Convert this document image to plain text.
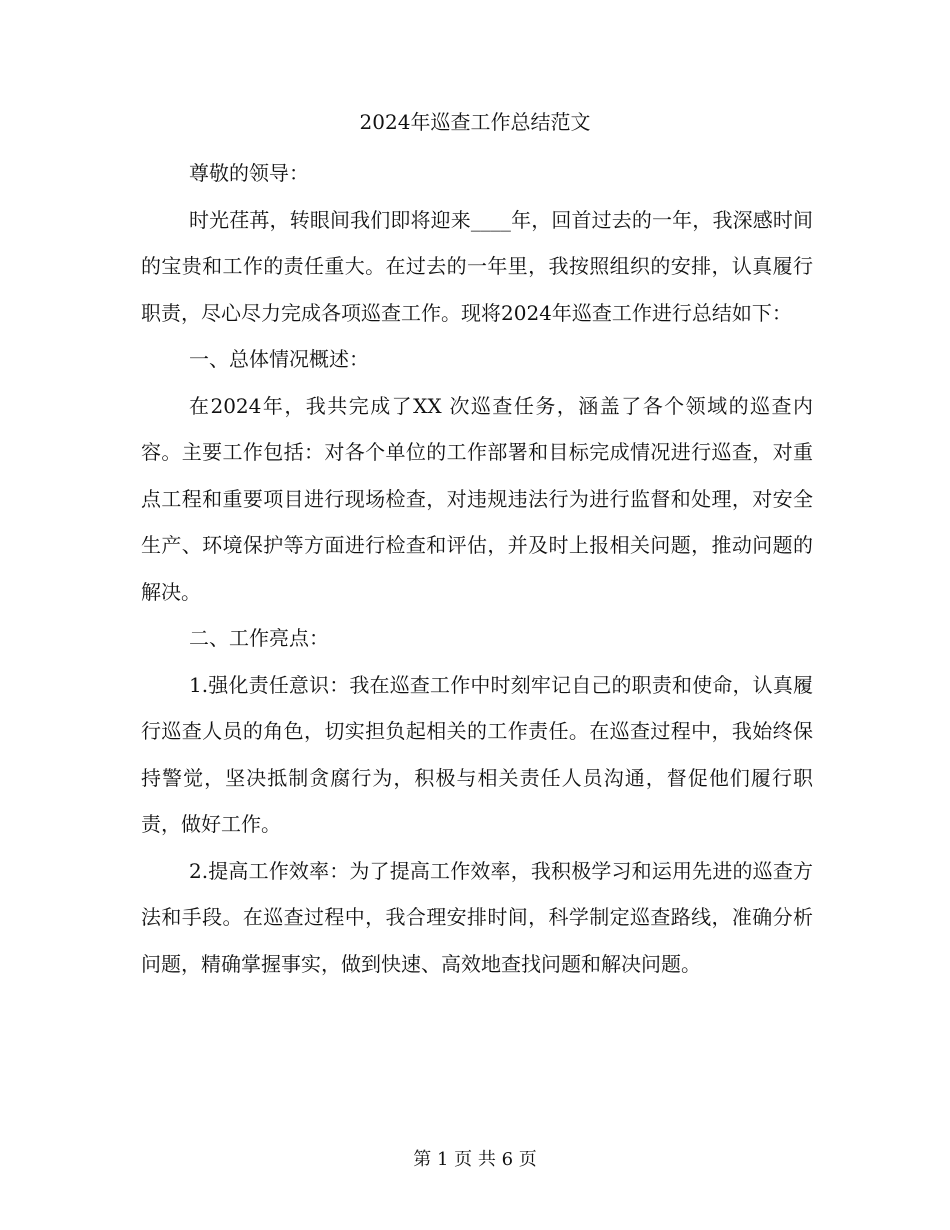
2024年巡查工作总结范文

尊敬的领导：

时光荏苒，转眼间我们即将迎来____年，回首过去的一年，我深感时间的宝贵和工作的责任重大。在过去的一年里，我按照组织的安排，认真履行职责，尽心尽力完成各项巡查工作。现将2024年巡查工作进行总结如下：

一、总体情况概述：

在2024年，我共完成了XX 次巡查任务，涵盖了各个领域的巡查内容。主要工作包括：对各个单位的工作部署和目标完成情况进行巡查，对重点工程和重要项目进行现场检查，对违规违法行为进行监督和处理，对安全生产、环境保护等方面进行检查和评估，并及时上报相关问题，推动问题的解决。

二、工作亮点：

1.强化责任意识：我在巡查工作中时刻牢记自己的职责和使命，认真履行巡查人员的角色，切实担负起相关的工作责任。在巡查过程中，我始终保持警觉，坚决抵制贪腐行为，积极与相关责任人员沟通，督促他们履行职责，做好工作。

2.提高工作效率：为了提高工作效率，我积极学习和运用先进的巡查方法和手段。在巡查过程中，我合理安排时间，科学制定巡查路线，准确分析问题，精确掌握事实，做到快速、高效地查找问题和解决问题。

第 1 页 共 6 页
